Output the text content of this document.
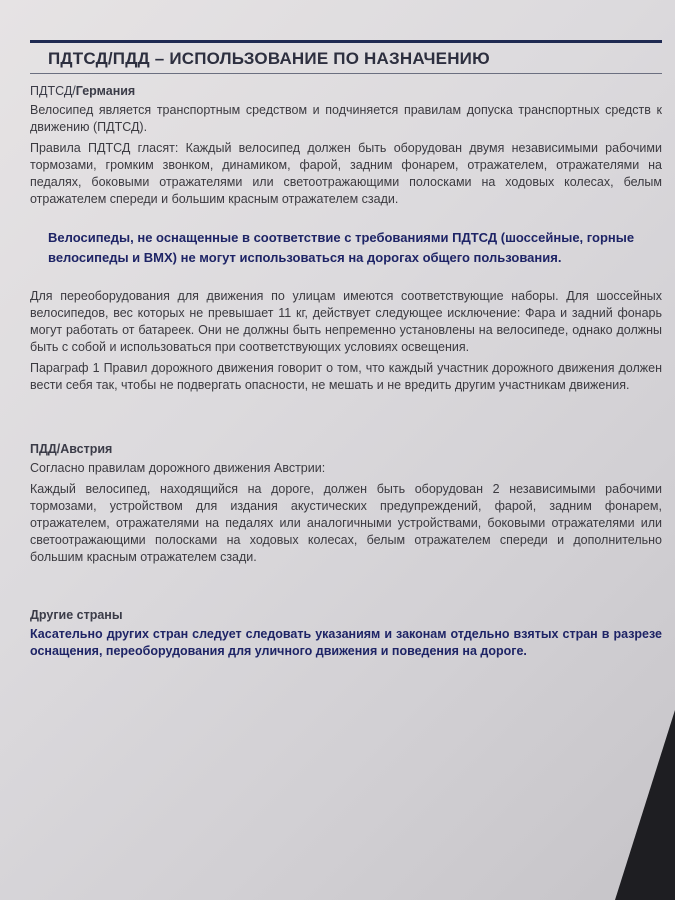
ПДТСД/ПДД – ИСПОЛЬЗОВАНИЕ ПО НАЗНАЧЕНИЮ
ПДТСД/Германия

Велосипед является транспортным средством и подчиняется правилам допуска транспортных средств к движению (ПДТСД).

Правила ПДТСД гласят: Каждый велосипед должен быть оборудован двумя независимыми рабочими тормозами, громким звонком, динамиком, фарой, задним фонарем, отражателем, отражателями на педалях, боковыми отражателями или светоотражающими полосками на ходовых колесах, белым отражателем спереди и большим красным отражателем сзади.

Велосипеды, не оснащенные в соответствие с требованиями ПДТСД (шоссейные, горные велосипеды и BMX) не могут использоваться на дорогах общего пользования.

Для переоборудования для движения по улицам имеются соответствующие наборы. Для шоссейных велосипедов, вес которых не превышает 11 кг, действует следующее исключение: Фара и задний фонарь могут работать от батареек. Они не должны быть непременно установлены на велосипеде, однако должны быть с собой и использоваться при соответствующих условиях освещения.

Параграф 1 Правил дорожного движения говорит о том, что каждый участник дорожного движения должен вести себя так, чтобы не подвергать опасности, не мешать и не вредить другим участникам движения.

ПДД/Австрия

Согласно правилам дорожного движения Австрии:

Каждый велосипед, находящийся на дороге, должен быть оборудован 2 независимыми рабочими тормозами, устройством для издания акустических предупреждений, фарой, задним фонарем, отражателем, отражателями на педалях или аналогичными устройствами, боковыми отражателями или светоотражающими полосками на ходовых колесах, белым отражателем спереди и дополнительно большим красным отражателем сзади.

Другие страны

Касательно других стран следует следовать указаниям и законам отдельно взятых стран в разрезе оснащения, переоборудования для уличного движения и поведения на дороге.
